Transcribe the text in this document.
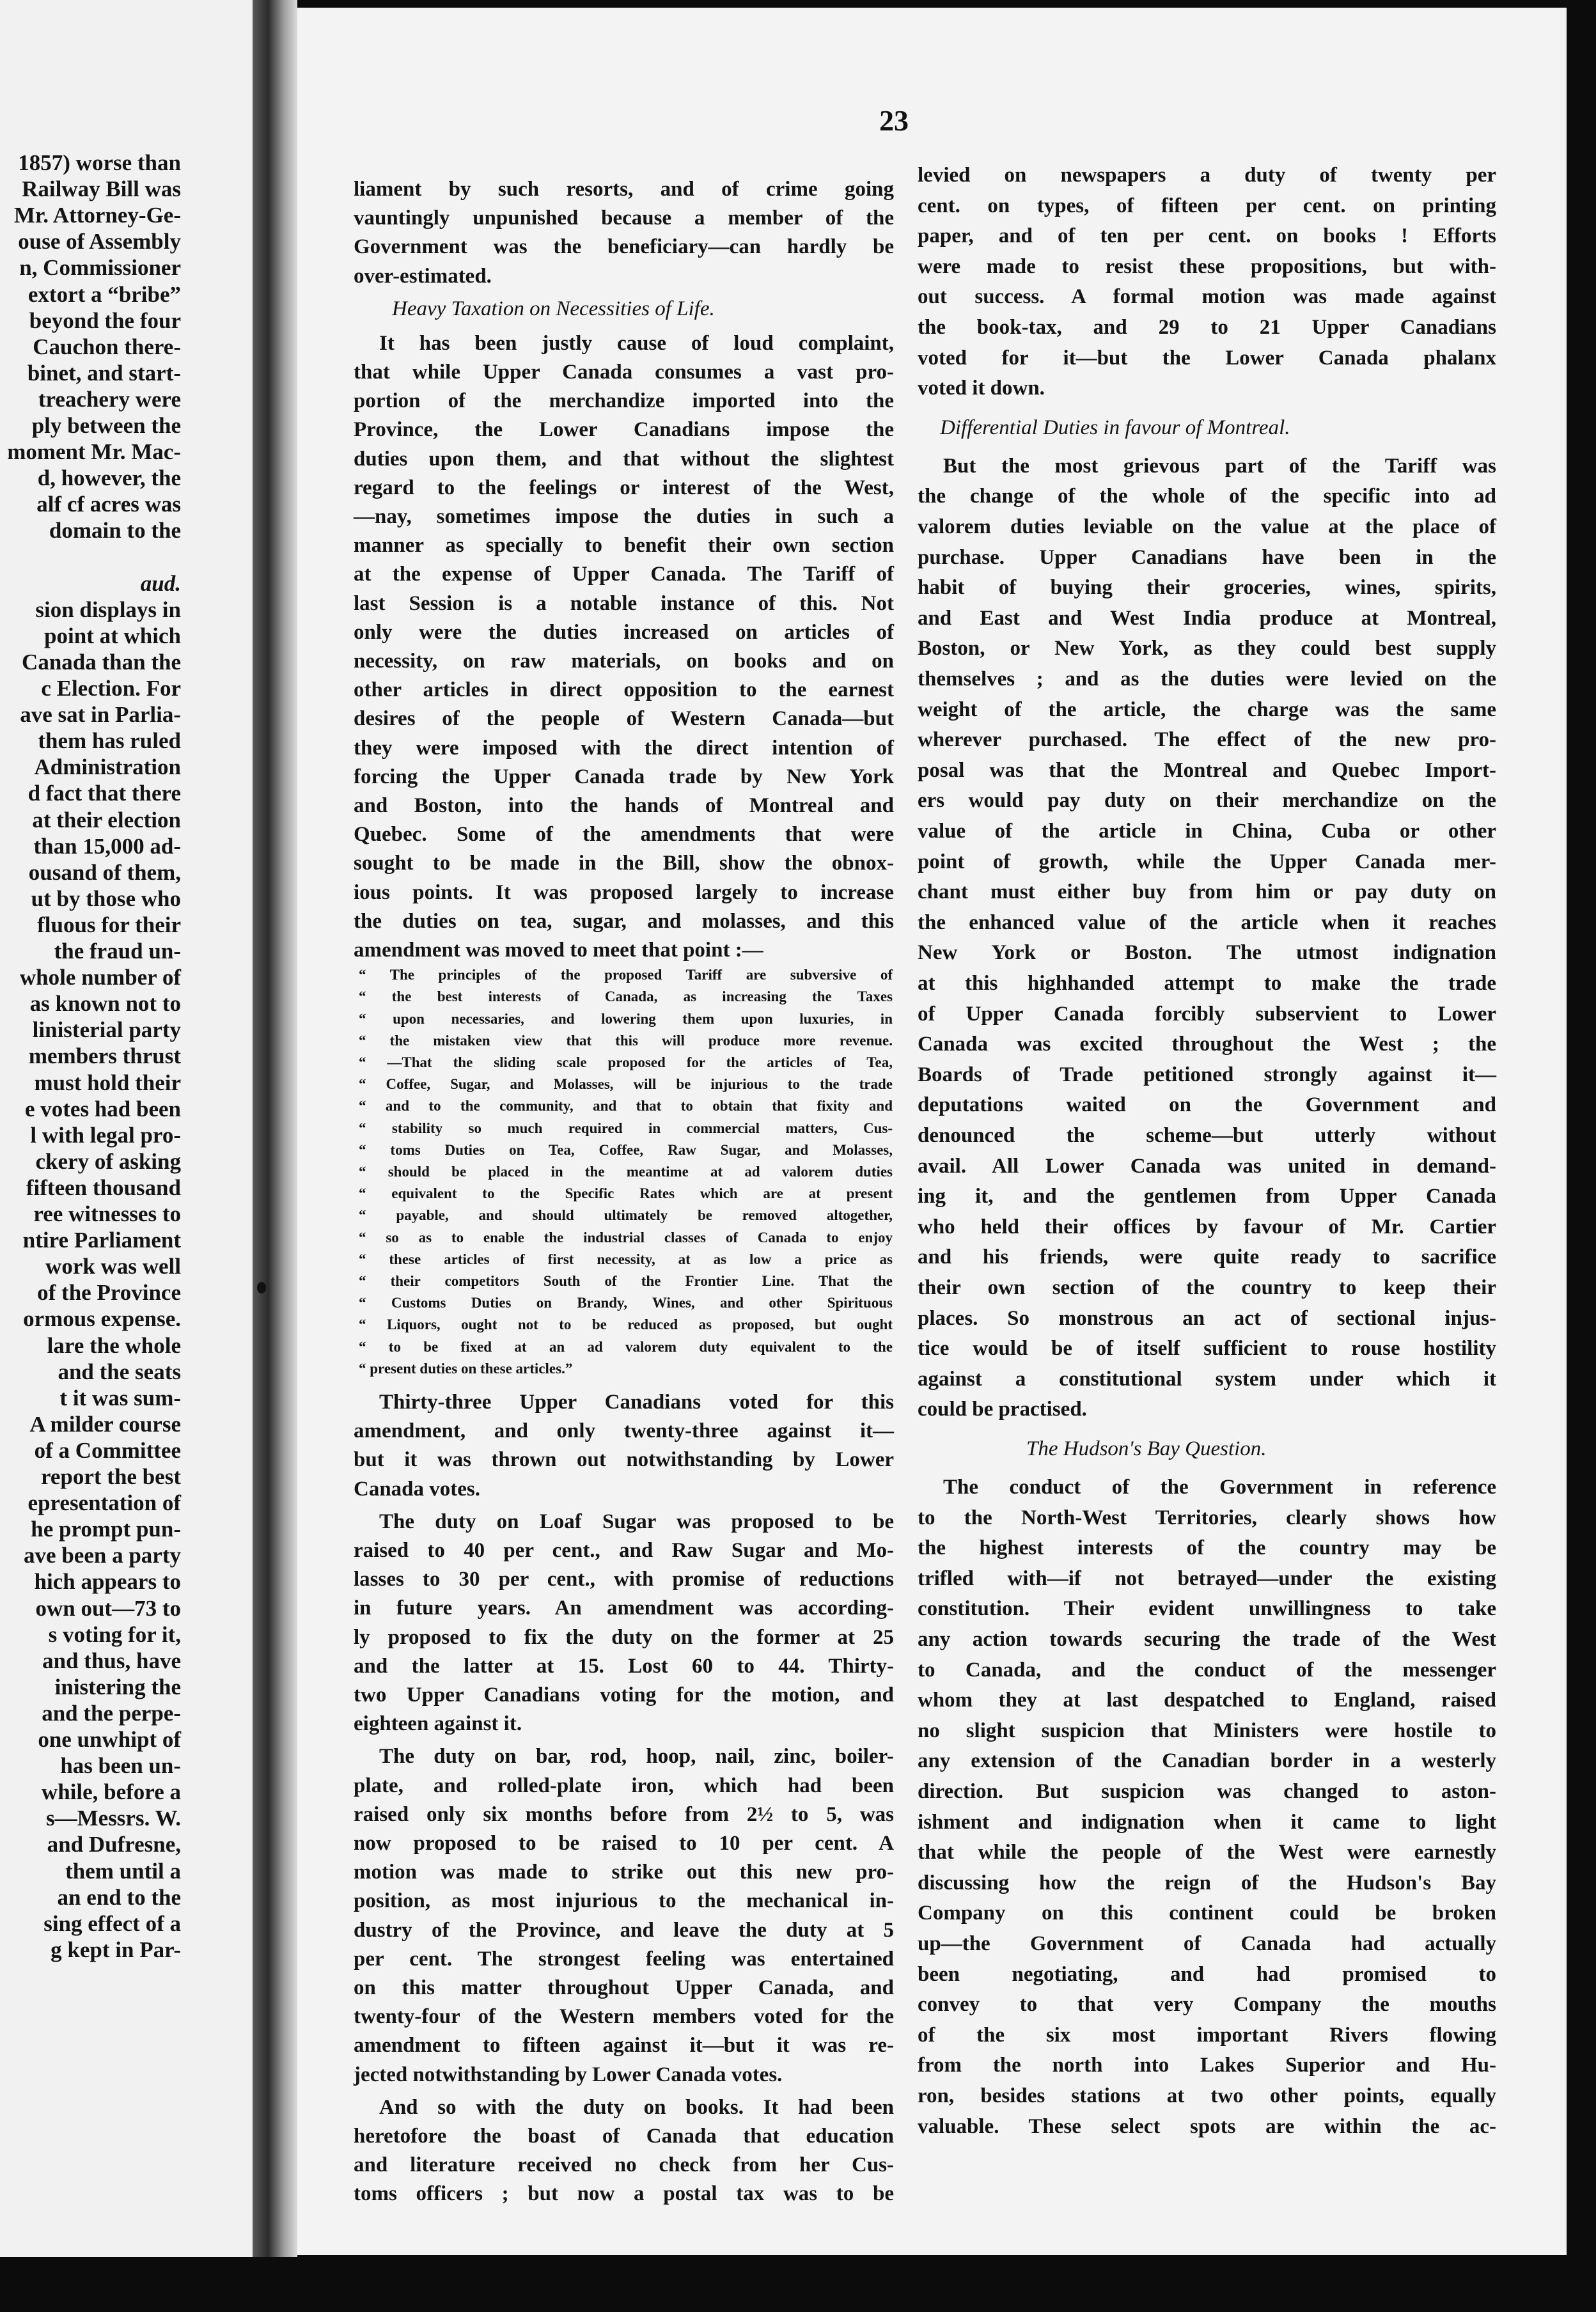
1857) worse than
Railway Bill was
Mr. Attorney-Ge-
ouse of Assembly
n, Commissioner
extort a “bribe”
beyond the four
Cauchon there-
binet, and start-
treachery were
ply between the
moment Mr. Mac-
d, however, the
alf cf acres was
domain to the
aud.
sion displays in
point at which
Canada than the
c Election. For
ave sat in Parlia-
them has ruled
Administration
d fact that there
at their election
than 15,000 ad-
ousand of them,
ut by those who
fluous for their
the fraud un-
whole number of
as known not to
linisterial party
members thrust
must hold their
e votes had been
l with legal pro-
ckery of asking
fifteen thousand
ree witnesses to
ntire Parliament
work was well
of the Province
ormous expense.
lare the whole
and the seats
t it was sum-
A milder course
of a Committee
report the best
epresentation of
he prompt pun-
ave been a party
hich appears to
own out—73 to
s voting for it,
and thus, have
inistering the
and the perpe-
one unwhipt of
has been un-
while, before a
s—Messrs. W.
and Dufresne,
them until a
an end to the
sing effect of a
g kept in Par-
23
liament by such resorts, and of crime going
vauntingly unpunished because a member of the
Government was the beneficiary—can hardly be
over-estimated.
Heavy Taxation on Necessities of Life.
It has been justly cause of loud complaint,
that while Upper Canada consumes a vast pro-
portion of the merchandize imported into the
Province, the Lower Canadians impose the
duties upon them, and that without the slightest
regard to the feelings or interest of the West,
—nay, sometimes impose the duties in such a
manner as specially to benefit their own section
at the expense of Upper Canada. The Tariff of
last Session is a notable instance of this. Not
only were the duties increased on articles of
necessity, on raw materials, on books and on
other articles in direct opposition to the earnest
desires of the people of Western Canada—but
they were imposed with the direct intention of
forcing the Upper Canada trade by New York
and Boston, into the hands of Montreal and
Quebec. Some of the amendments that were
sought to be made in the Bill, show the obnox-
ious points. It was proposed largely to increase
the duties on tea, sugar, and molasses, and this
amendment was moved to meet that point :—
“ The principles of the proposed Tariff are subversive of
“ the best interests of Canada, as increasing the Taxes
“ upon necessaries, and lowering them upon luxuries, in
“ the mistaken view that this will produce more revenue.
“ —That the sliding scale proposed for the articles of Tea,
“ Coffee, Sugar, and Molasses, will be injurious to the trade
“ and to the community, and that to obtain that fixity and
“ stability so much required in commercial matters, Cus-
“ toms Duties on Tea, Coffee, Raw Sugar, and Molasses,
“ should be placed in the meantime at ad valorem duties
“ equivalent to the Specific Rates which are at present
“ payable, and should ultimately be removed altogether,
“ so as to enable the industrial classes of Canada to enjoy
“ these articles of first necessity, at as low a price as
“ their competitors South of the Frontier Line. That the
“ Customs Duties on Brandy, Wines, and other Spirituous
“ Liquors, ought not to be reduced as proposed, but ought
“ to be fixed at an ad valorem duty equivalent to the
“ present duties on these articles.”
Thirty-three Upper Canadians voted for this
amendment, and only twenty-three against it—
but it was thrown out notwithstanding by Lower
Canada votes.
The duty on Loaf Sugar was proposed to be
raised to 40 per cent., and Raw Sugar and Mo-
lasses to 30 per cent., with promise of reductions
in future years. An amendment was according-
ly proposed to fix the duty on the former at 25
and the latter at 15. Lost 60 to 44. Thirty-
two Upper Canadians voting for the motion, and
eighteen against it.
The duty on bar, rod, hoop, nail, zinc, boiler-
plate, and rolled-plate iron, which had been
raised only six months before from 2½ to 5, was
now proposed to be raised to 10 per cent. A
motion was made to strike out this new pro-
position, as most injurious to the mechanical in-
dustry of the Province, and leave the duty at 5
per cent. The strongest feeling was entertained
on this matter throughout Upper Canada, and
twenty-four of the Western members voted for the
amendment to fifteen against it—but it was re-
jected notwithstanding by Lower Canada votes.
And so with the duty on books. It had been
heretofore the boast of Canada that education
and literature received no check from her Cus-
toms officers ; but now a postal tax was to be
levied on newspapers a duty of twenty per
cent. on types, of fifteen per cent. on printing
paper, and of ten per cent. on books ! Efforts
were made to resist these propositions, but with-
out success. A formal motion was made against
the book-tax, and 29 to 21 Upper Canadians
voted for it—but the Lower Canada phalanx
voted it down.
Differential Duties in favour of Montreal.
But the most grievous part of the Tariff was
the change of the whole of the specific into ad
valorem duties leviable on the value at the place of
purchase. Upper Canadians have been in the
habit of buying their groceries, wines, spirits,
and East and West India produce at Montreal,
Boston, or New York, as they could best supply
themselves ; and as the duties were levied on the
weight of the article, the charge was the same
wherever purchased. The effect of the new pro-
posal was that the Montreal and Quebec Import-
ers would pay duty on their merchandize on the
value of the article in China, Cuba or other
point of growth, while the Upper Canada mer-
chant must either buy from him or pay duty on
the enhanced value of the article when it reaches
New York or Boston. The utmost indignation
at this highhanded attempt to make the trade
of Upper Canada forcibly subservient to Lower
Canada was excited throughout the West ; the
Boards of Trade petitioned strongly against it—
deputations waited on the Government and
denounced the scheme—but utterly without
avail. All Lower Canada was united in demand-
ing it, and the gentlemen from Upper Canada
who held their offices by favour of Mr. Cartier
and his friends, were quite ready to sacrifice
their own section of the country to keep their
places. So monstrous an act of sectional injus-
tice would be of itself sufficient to rouse hostility
against a constitutional system under which it
could be practised.
The Hudson's Bay Question.
The conduct of the Government in reference
to the North-West Territories, clearly shows how
the highest interests of the country may be
trifled with—if not betrayed—under the existing
constitution. Their evident unwillingness to take
any action towards securing the trade of the West
to Canada, and the conduct of the messenger
whom they at last despatched to England, raised
no slight suspicion that Ministers were hostile to
any extension of the Canadian border in a westerly
direction. But suspicion was changed to aston-
ishment and indignation when it came to light
that while the people of the West were earnestly
discussing how the reign of the Hudson's Bay
Company on this continent could be broken
up—the Government of Canada had actually
been negotiating, and had promised to
convey to that very Company the mouths
of the six most important Rivers flowing
from the north into Lakes Superior and Hu-
ron, besides stations at two other points, equally
valuable. These select spots are within the ac-
